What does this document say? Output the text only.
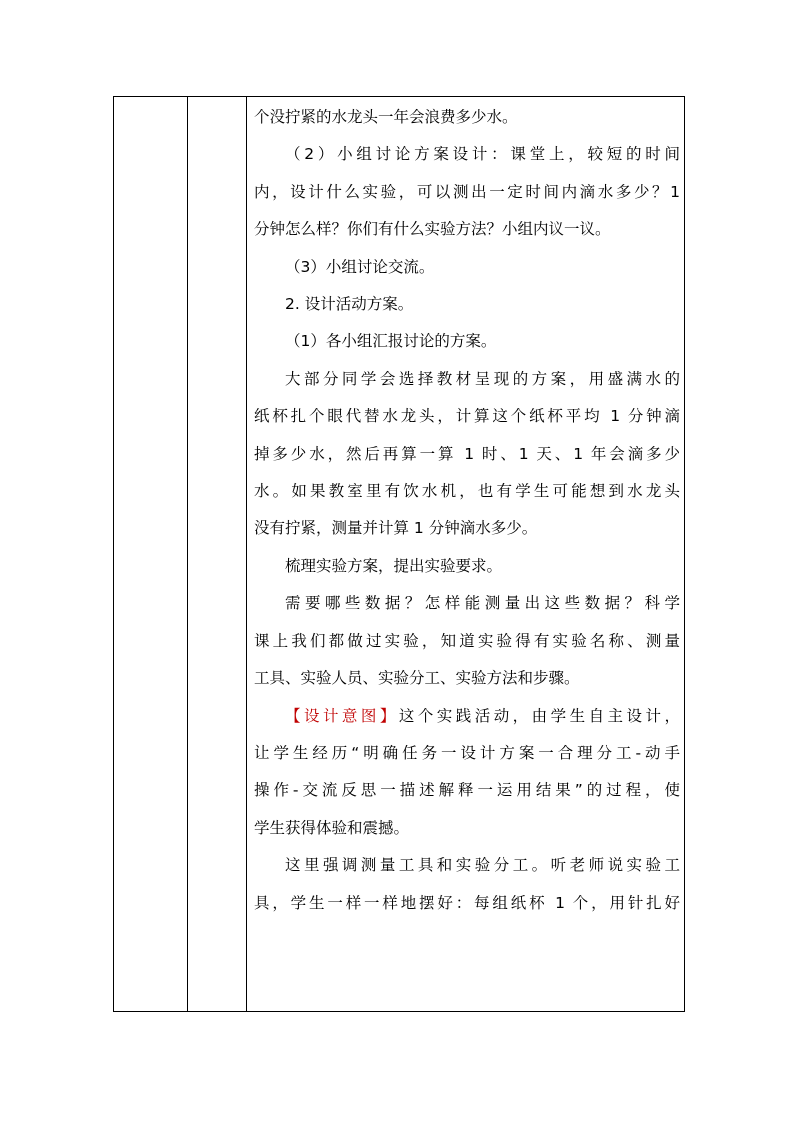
个没拧紧的水龙头一年会浪费多少水。
（2）小组讨论方案设计：课堂上，较短的时间
内，设计什么实验，可以测出一定时间内滴水多少？1
分钟怎么样？你们有什么实验方法？小组内议一议。
（3）小组讨论交流。
2. 设计活动方案。
（1）各小组汇报讨论的方案。
大部分同学会选择教材呈现的方案，用盛满水的
纸杯扎个眼代替水龙头，计算这个纸杯平均 1 分钟滴
掉多少水，然后再算一算 1 时、1 天、1 年会滴多少
水。如果教室里有饮水机，也有学生可能想到水龙头
没有拧紧，测量并计算 1 分钟滴水多少。
梳理实验方案，提出实验要求。
需要哪些数据？怎样能测量出这些数据？科学
课上我们都做过实验，知道实验得有实验名称、测量
工具、实验人员、实验分工、实验方法和步骤。
【设计意图】这个实践活动，由学生自主设计，
让学生经历“明确任务一设计方案一合理分工-动手
操作-交流反思一描述解释一运用结果”的过程，使
学生获得体验和震撼。
这里强调测量工具和实验分工。听老师说实验工
具，学生一样一样地摆好：每组纸杯 1 个，用针扎好
